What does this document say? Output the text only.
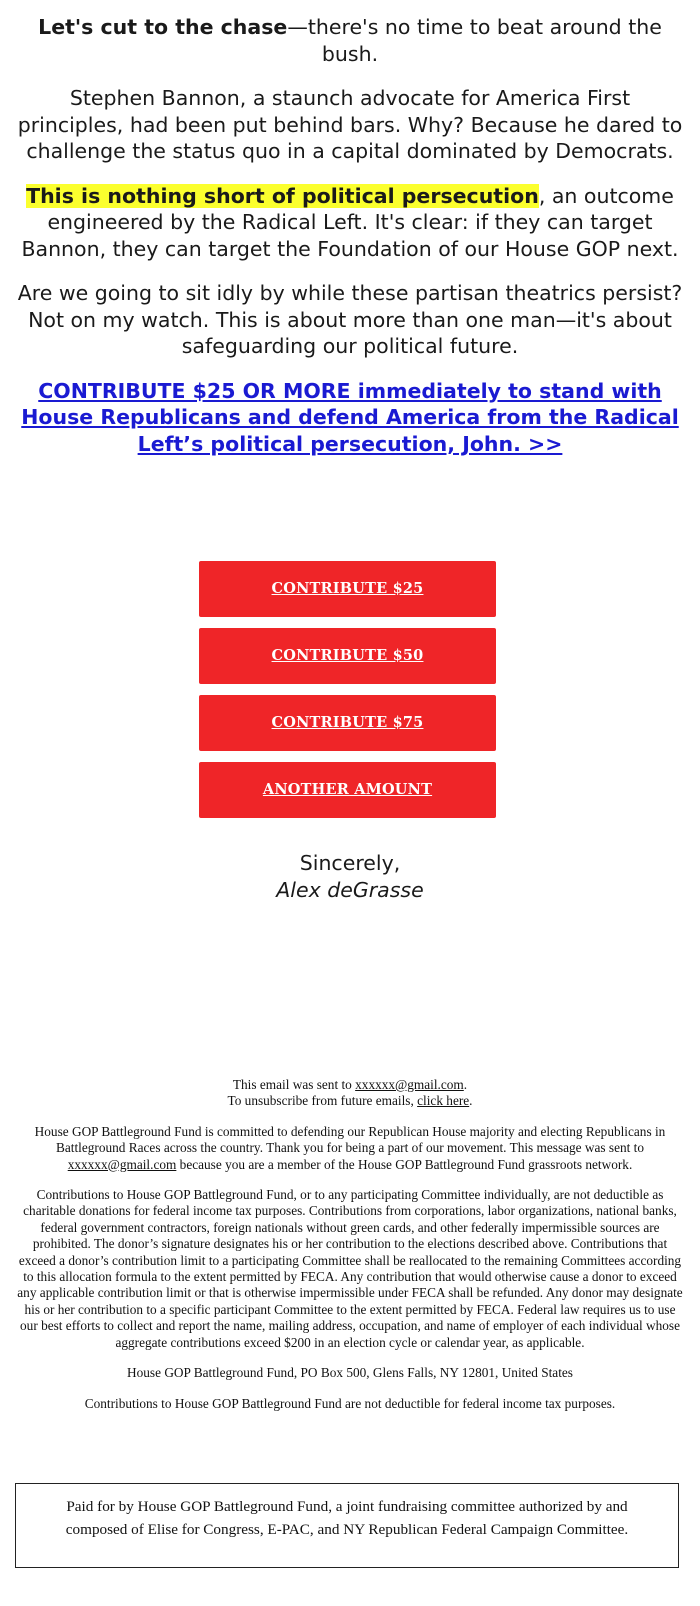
Let's cut to the chase—there's no time to beat around the bush.

Stephen Bannon, a staunch advocate for America First principles, had been put behind bars. Why? Because he dared to challenge the status quo in a capital dominated by Democrats.

This is nothing short of political persecution, an outcome engineered by the Radical Left. It's clear: if they can target Bannon, they can target the Foundation of our House GOP next.

Are we going to sit idly by while these partisan theatrics persist? Not on my watch. This is about more than one man—it's about safeguarding our political future.

CONTRIBUTE $25 OR MORE immediately to stand with House Republicans and defend America from the Radical Left’s political persecution, John. >>
CONTRIBUTE $25
CONTRIBUTE $50
CONTRIBUTE $75
ANOTHER AMOUNT
Sincerely,
Alex deGrasse

This email was sent to xxxxxx@gmail.com.
To unsubscribe from future emails, click here.

House GOP Battleground Fund is committed to defending our Republican House majority and electing Republicans in Battleground Races across the country. Thank you for being a part of our movement. This message was sent to xxxxxx@gmail.com because you are a member of the House GOP Battleground Fund grassroots network.

Contributions to House GOP Battleground Fund, or to any participating Committee individually, are not deductible as charitable donations for federal income tax purposes. Contributions from corporations, labor organizations, national banks, federal government contractors, foreign nationals without green cards, and other federally impermissible sources are prohibited. The donor’s signature designates his or her contribution to the elections described above. Contributions that exceed a donor’s contribution limit to a participating Committee shall be reallocated to the remaining Committees according to this allocation formula to the extent permitted by FECA. Any contribution that would otherwise cause a donor to exceed any applicable contribution limit or that is otherwise impermissible under FECA shall be refunded. Any donor may designate his or her contribution to a specific participant Committee to the extent permitted by FECA. Federal law requires us to use our best efforts to collect and report the name, mailing address, occupation, and name of employer of each individual whose aggregate contributions exceed $200 in an election cycle or calendar year, as applicable.

House GOP Battleground Fund, PO Box 500, Glens Falls, NY 12801, United States

Contributions to House GOP Battleground Fund are not deductible for federal income tax purposes.

Paid for by House GOP Battleground Fund, a joint fundraising committee authorized by and composed of Elise for Congress, E-PAC, and NY Republican Federal Campaign Committee.
